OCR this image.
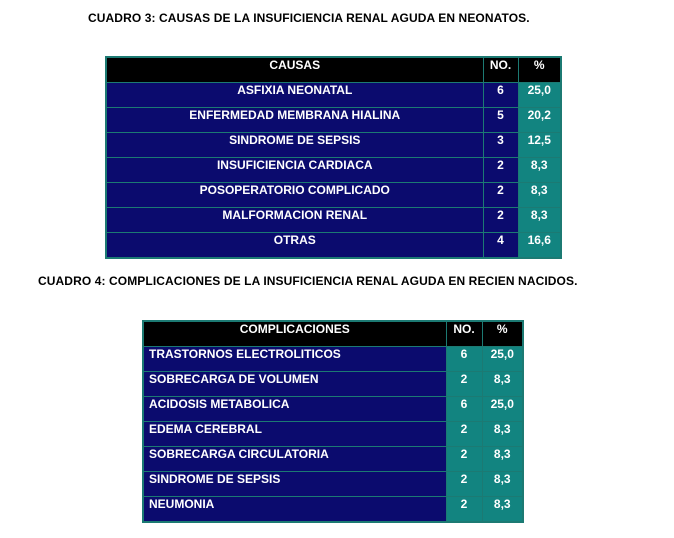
CUADRO 3: CAUSAS DE LA INSUFICIENCIA RENAL AGUDA EN NEONATOS.
CAUSAS	NO.	%
ASFIXIA NEONATAL	6	25,0
ENFERMEDAD MEMBRANA HIALINA	5	20,2
SINDROME DE SEPSIS	3	12,5
INSUFICIENCIA CARDIACA	2	8,3
POSOPERATORIO COMPLICADO	2	8,3
MALFORMACION RENAL	2	8,3
OTRAS	4	16,6
CUADRO 4: COMPLICACIONES DE LA INSUFICIENCIA RENAL AGUDA EN RECIEN NACIDOS.
COMPLICACIONES	NO.	%
TRASTORNOS ELECTROLITICOS	6	25,0
SOBRECARGA DE VOLUMEN	2	8,3
ACIDOSIS METABOLICA	6	25,0
EDEMA CEREBRAL	2	8,3
SOBRECARGA CIRCULATORIA	2	8,3
SINDROME DE SEPSIS	2	8,3
NEUMONIA	2	8,3
